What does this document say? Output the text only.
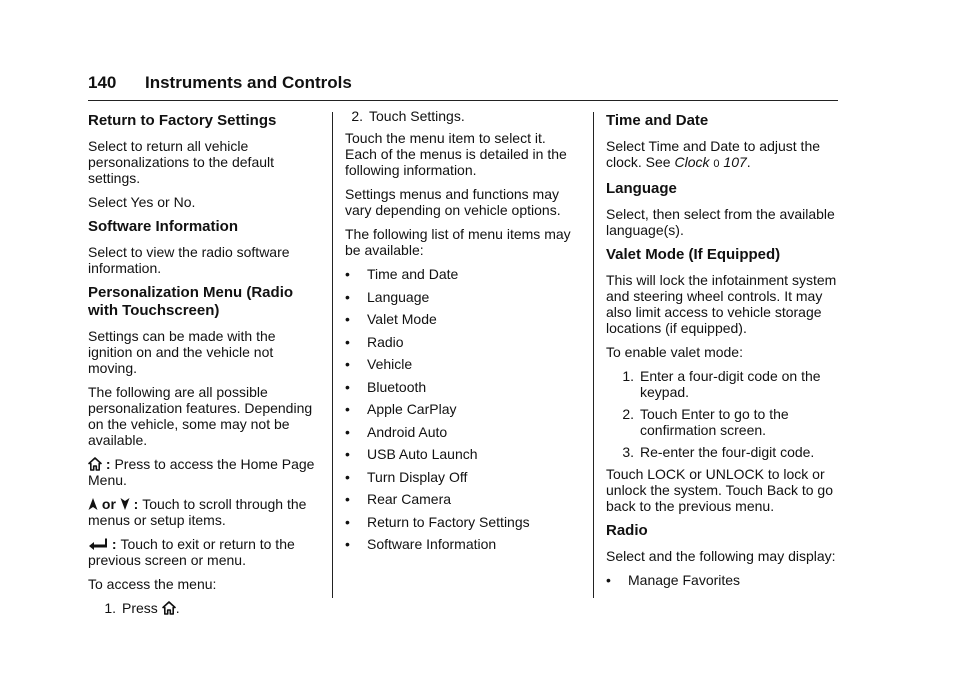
140 Instruments and Controls
Return to Factory Settings

Select to return all vehicle personalizations to the default settings.

Select Yes or No.

Software Information

Select to view the radio software information.

Personalization Menu (Radio with Touchscreen)

Settings can be made with the ignition on and the vehicle not moving.

The following are all possible personalization features. Depending on the vehicle, some may not be available.

: Press to access the Home Page Menu.

or  : Touch to scroll through the menus or setup items.

: Touch to exit or return to the previous screen or menu.

To access the menu:

1. Press .
2. Touch Settings.

Touch the menu item to select it. Each of the menus is detailed in the following information.

Settings menus and functions may vary depending on vehicle options.

The following list of menu items may be available:

•	Time and Date
•	Language
•	Valet Mode
•	Radio
•	Vehicle
•	Bluetooth
•	Apple CarPlay
•	Android Auto
•	USB Auto Launch
•	Turn Display Off
•	Rear Camera
•	Return to Factory Settings
•	Software Information
Time and Date

Select Time and Date to adjust the clock. See Clock 0 107.

Language

Select, then select from the available language(s).

Valet Mode (If Equipped)

This will lock the infotainment system and steering wheel controls. It may also limit access to vehicle storage locations (if equipped).

To enable valet mode:

1. Enter a four-digit code on the keypad.
2. Touch Enter to go to the confirmation screen.
3. Re-enter the four-digit code.

Touch LOCK or UNLOCK to lock or unlock the system. Touch Back to go back to the previous menu.

Radio

Select and the following may display:

•	Manage Favorites
